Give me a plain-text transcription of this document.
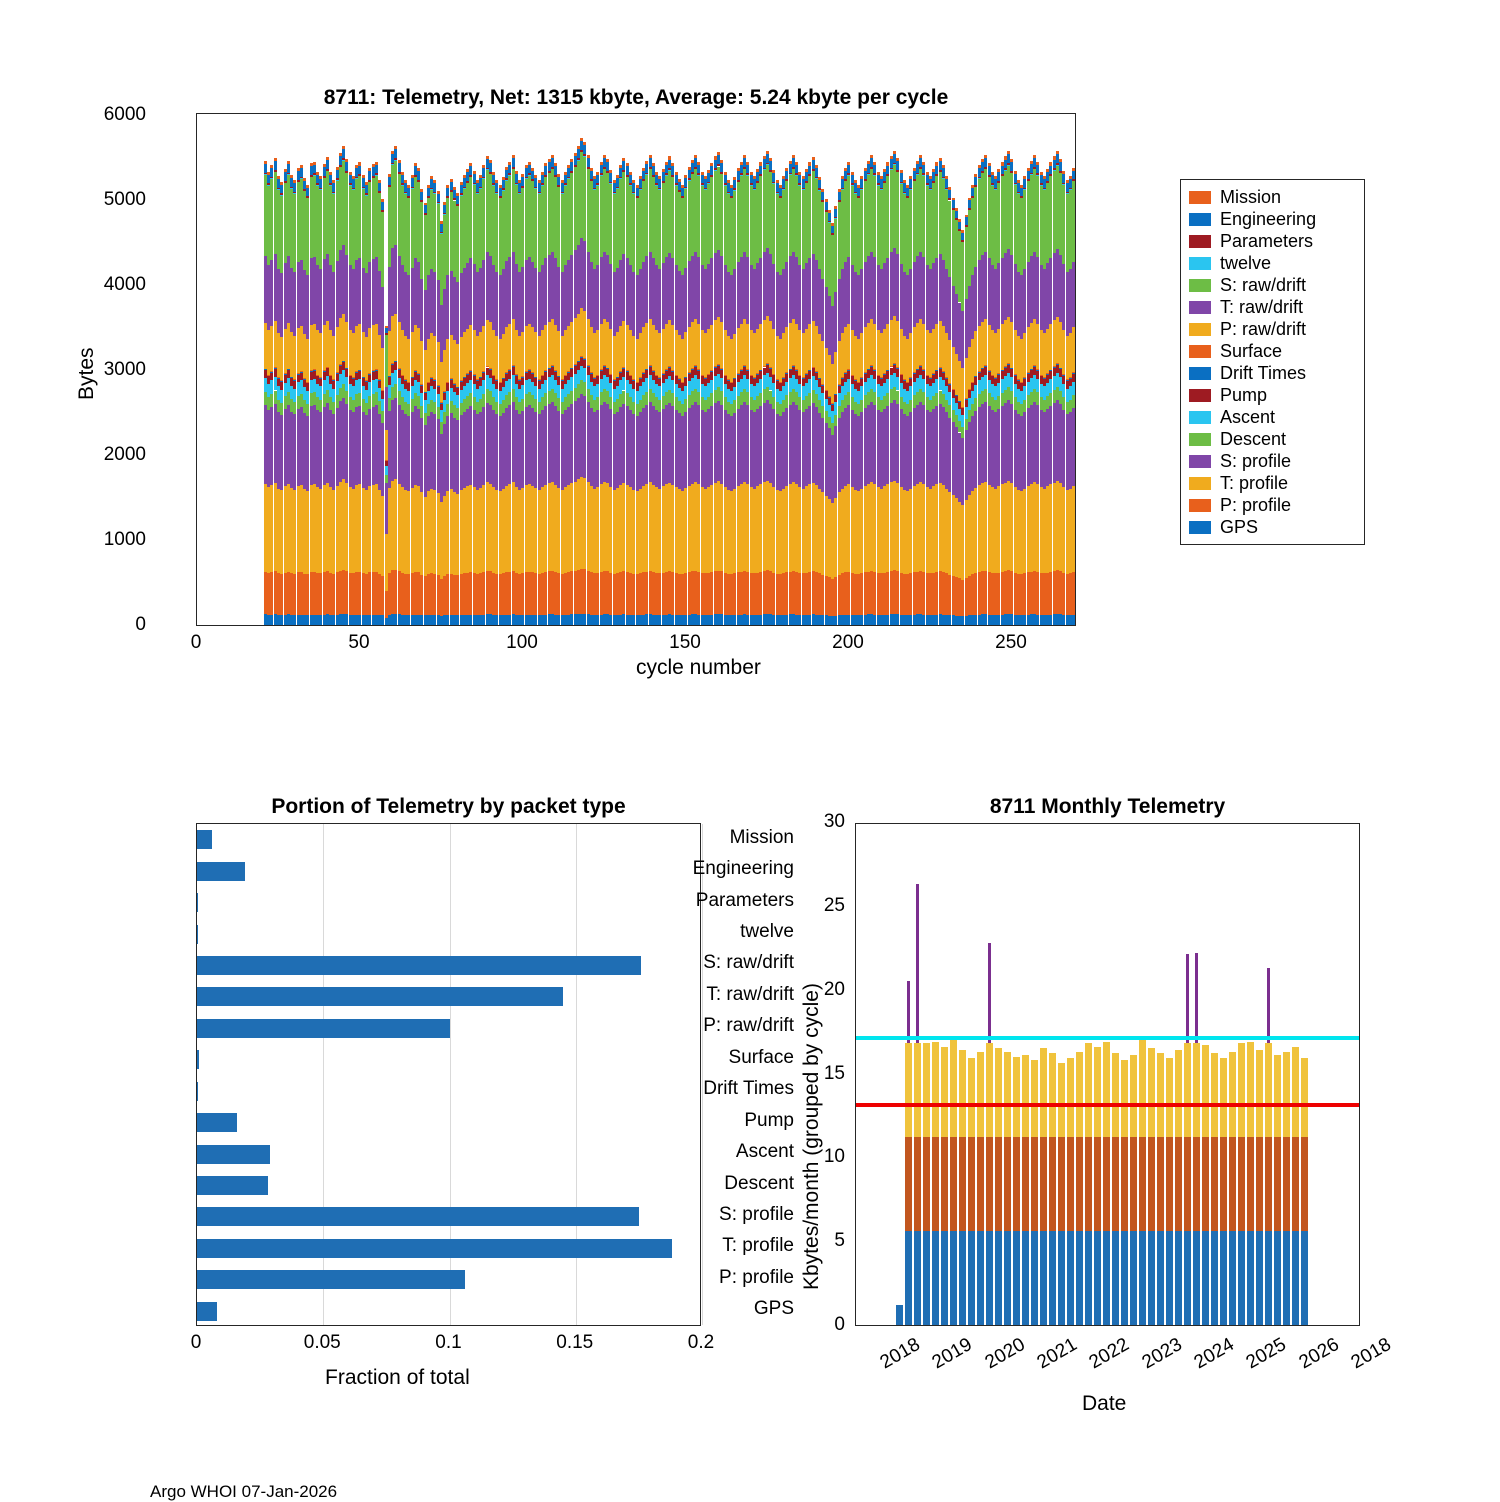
8711: Telemetry, Net: 1315 kbyte, Average: 5.24 kbyte per cycle
6000
5000
4000
3000
2000
1000
0
0	50	100	150	200	250
cycle number
Bytes
Mission
Engineering
Parameters
twelve
S: raw/drift
T: raw/drift
P: raw/drift
Surface
Drift Times
Pump
Ascent
Descent
S: profile
T: profile
P: profile
GPS
Portion of Telemetry by packet type
Fraction of total
8711 Monthly Telemetry
Date
Kbytes/month (grouped by cycle)
Argo WHOI 07-Jan-2026
Mission
Engineering
Parameters
twelve
S: raw/drift
T: raw/drift
P: raw/drift
Surface
Drift Times
Pump
Ascent
Descent
S: profile
T: profile
P: profile
GPS
0	0.05	0.1	0.15	0.2
0
5
10
15
20
25
30
2018 2019 2020 2021 2022 2023 2024 2025 2026 2018
